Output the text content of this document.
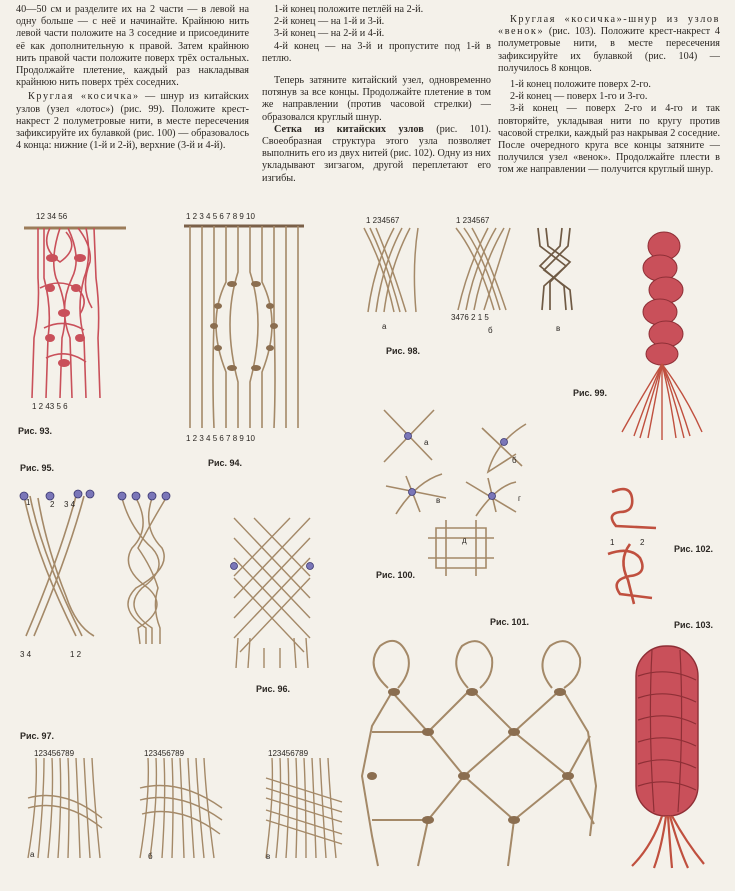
40—50 см и разделите их на 2 части — в левой на одну больше — с неё и начинайте. Крайнюю нить левой части положите на 3 соседние и присоедините её как дополнительную к правой. Затем крайнюю нить правой части положите поверх трёх остальных. Продолжайте плетение, каждый раз накладывая крайнюю нить поверх трёх соседних.

Круглая «косичка» — шнур из китайских узлов (узел «лотос») (рис. 99). Положите крест-накрест 2 полуметровые нити, в месте пересечения зафиксируйте их булавкой (рис. 100) — образовалось 4 конца: нижние (1-й и 2-й), верхние (3-й и 4-й).

1-й конец положите петлёй на 2-й.

2-й конец — на 1-й и 3-й.

3-й конец — на 2-й и 4-й.

4-й конец — на 3-й и пропустите под 1-й в петлю.

Теперь затяните китайский узел, одновременно потянув за все концы. Продолжайте плетение в том же направлении (против часовой стрелки) — образовался круглый шнур.

Сетка из китайских узлов (рис. 101). Своеобразная структура этого узла позволяет выполнить его из двух нитей (рис. 102). Одну из них укладывают зигзагом, другой переплетают его изгибы.

Круглая «косичка»-шнур из узлов «венок» (рис. 103). Положите крест-накрест 4 полуметровые нити, в месте пересечения зафиксируйте их булавкой (рис. 104) — получилось 8 концов.

1-й конец положите поверх 2-го.

2-й конец — поверх 1-го и 3-го.

3-й конец — поверх 2-го и 4-го и так повторяйте, укладывая нити по кругу против часовой стрелки, каждый раз накрывая 2 соседние. После очередного круга все концы затяните — получился узел «венок». Продолжайте плести в том же направлении — получится круглый шнур.

12 34 56
1 2 43 5 6
Рис. 93.
1 2 3 4 5 6 7 8 9 10
1 2 3 4 5 6 7 8 9 10
Рис. 94.
Рис. 95.
1 2 3 4
3 4	1 2
Рис. 96.
Рис. 97.
123456789	123456789	123456789
а	б	в
1 234567	1 234567
а
3476 2 1 5
б	в
Рис. 98.
Рис. 99.
а
б
в	г
д
Рис. 100.
1	2
Рис. 102.
Рис. 101.	Рис. 103.
